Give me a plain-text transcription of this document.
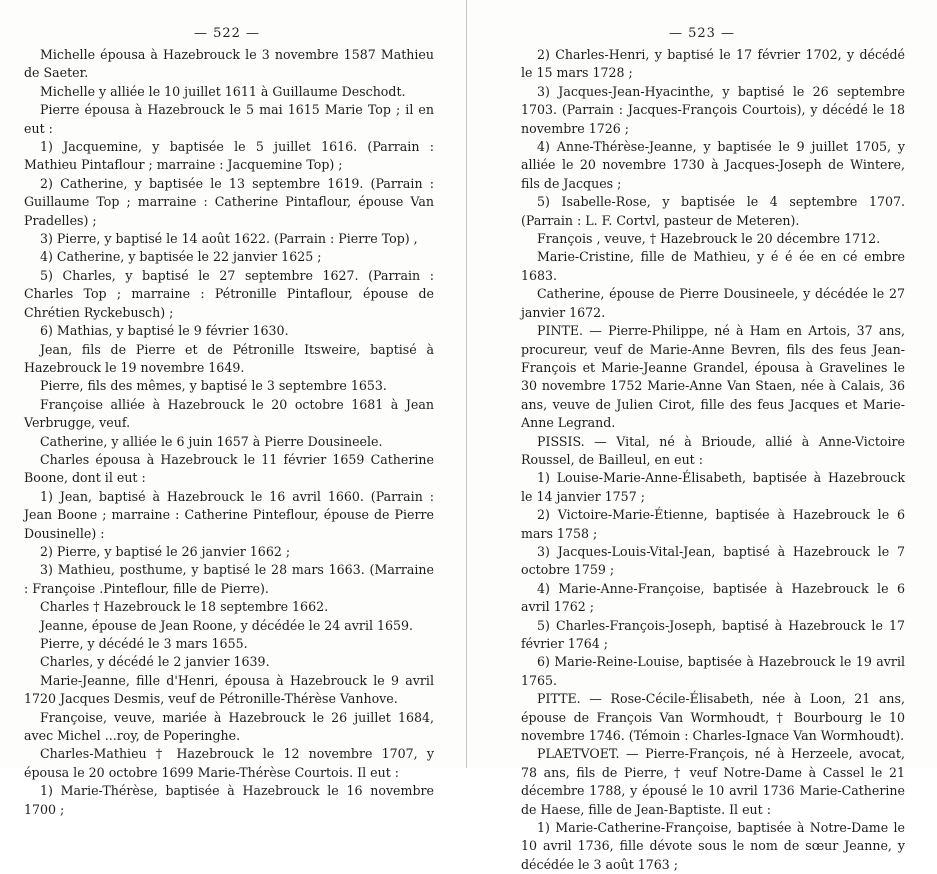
— 522 —

Michelle épousa à Hazebrouck le 3 novembre 1587 Mathieu de Saeter.

Michelle y alliée le 10 juillet 1611 à Guillaume Deschodt.

Pierre épousa à Hazebrouck le 5 mai 1615 Marie Top ; il en eut :

1) Jacquemine, y baptisée le 5 juillet 1616. (Parrain : Mathieu Pintaflour ; marraine : Jacquemine Top) ;

2) Catherine, y baptisée le 13 septembre 1619. (Parrain : Guillaume Top ; marraine : Catherine Pintaflour, épouse Van Pradelles) ;

3) Pierre, y baptisé le 14 août 1622. (Parrain : Pierre Top) ,

4) Catherine, y baptisée le 22 janvier 1625 ;

5) Charles, y baptisé le 27 septembre 1627. (Parrain : Charles Top ; marraine : Pétronille Pintaflour, épouse de Chrétien Ryckebusch) ;

6) Mathias, y baptisé le 9 février 1630.

Jean, fils de Pierre et de Pétronille Itsweire, baptisé à Hazebrouck le 19 novembre 1649.

Pierre, fils des mêmes, y baptisé le 3 septembre 1653.

Françoise alliée à Hazebrouck le 20 octobre 1681 à Jean Verbrugge, veuf.

Catherine, y alliée le 6 juin 1657 à Pierre Dousineele.

Charles épousa à Hazebrouck le 11 février 1659 Catherine Boone, dont il eut :

1) Jean, baptisé à Hazebrouck le 16 avril 1660. (Parrain : Jean Boone ; marraine : Catherine Pinteflour, épouse de Pierre Dousinelle) :

2) Pierre, y baptisé le 26 janvier 1662 ;

3) Mathieu, posthume, y baptisé le 28 mars 1663. (Marraine : Françoise .Pinteflour, fille de Pierre).

Charles † Hazebrouck le 18 septembre 1662.

Jeanne, épouse de Jean Roone, y décédée le 24 avril 1659.

Pierre, y décédé le 3 mars 1655.

Charles, y décédé le 2 janvier 1639.

Marie-Jeanne, fille d'Henri, épousa à Hazebrouck le 9 avril 1720 Jacques Desmis, veuf de Pétronille-Thérèse Vanhove.

Françoise, veuve, mariée à Hazebrouck le 26 juillet 1684, avec Michel ...roy, de Poperinghe.

Charles-Mathieu † Hazebrouck le 12 novembre 1707, y épousa le 20 octobre 1699 Marie-Thérèse Courtois. Il eut :

1) Marie-Thérèse, baptisée à Hazebrouck le 16 novembre 1700 ;

— 523 —

2) Charles-Henri, y baptisé le 17 février 1702, y décédé le 15 mars 1728 ;

3) Jacques-Jean-Hyacinthe, y baptisé le 26 septembre 1703. (Parrain : Jacques-François Courtois), y décédé le 18 novembre 1726 ;

4) Anne-Thérèse-Jeanne, y baptisée le 9 juillet 1705, y alliée le 20 novembre 1730 à Jacques-Joseph de Wintere, fils de Jacques ;

5) Isabelle-Rose, y baptisée le 4 septembre 1707. (Parrain : L. F. Cortvl, pasteur de Meteren).

François , veuve, † Hazebrouck le 20 décembre 1712.

Marie-Cristine, fille de Mathieu, y é é ée en cé embre 1683.

Catherine, épouse de Pierre Dousineele, y décédée le 27 janvier 1672.

PINTE. — Pierre-Philippe, né à Ham en Artois, 37 ans, procureur, veuf de Marie-Anne Bevren, fils des feus Jean-François et Marie-Jeanne Grandel, épousa à Gravelines le 30 novembre 1752 Marie-Anne Van Staen, née à Calais, 36 ans, veuve de Julien Cirot, fille des feus Jacques et Marie-Anne Legrand.

PISSIS. — Vital, né à Brioude, allié à Anne-Victoire Roussel, de Bailleul, en eut :

1) Louise-Marie-Anne-Élisabeth, baptisée à Hazebrouck le 14 janvier 1757 ;

2) Victoire-Marie-Étienne, baptisée à Hazebrouck le 6 mars 1758 ;

3) Jacques-Louis-Vital-Jean, baptisé à Hazebrouck le 7 octobre 1759 ;

4) Marie-Anne-Françoise, baptisée à Hazebrouck le 6 avril 1762 ;

5) Charles-François-Joseph, baptisé à Hazebrouck le 17 février 1764 ;

6) Marie-Reine-Louise, baptisée à Hazebrouck le 19 avril 1765.

PITTE. — Rose-Cécile-Élisabeth, née à Loon, 21 ans, épouse de François Van Wormhoudt, † Bourbourg le 10 novembre 1746. (Témoin : Charles-Ignace Van Wormhoudt).

PLAETVOET. — Pierre-François, né à Herzeele, avocat, 78 ans, fils de Pierre, † veuf Notre-Dame à Cassel le 21 décembre 1788, y épousé le 10 avril 1736 Marie-Catherine de Haese, fille de Jean-Baptiste. Il eut :

1) Marie-Catherine-Françoise, baptisée à Notre-Dame le 10 avril 1736, fille dévote sous le nom de sœur Jeanne, y décédée le 3 août 1763 ;
